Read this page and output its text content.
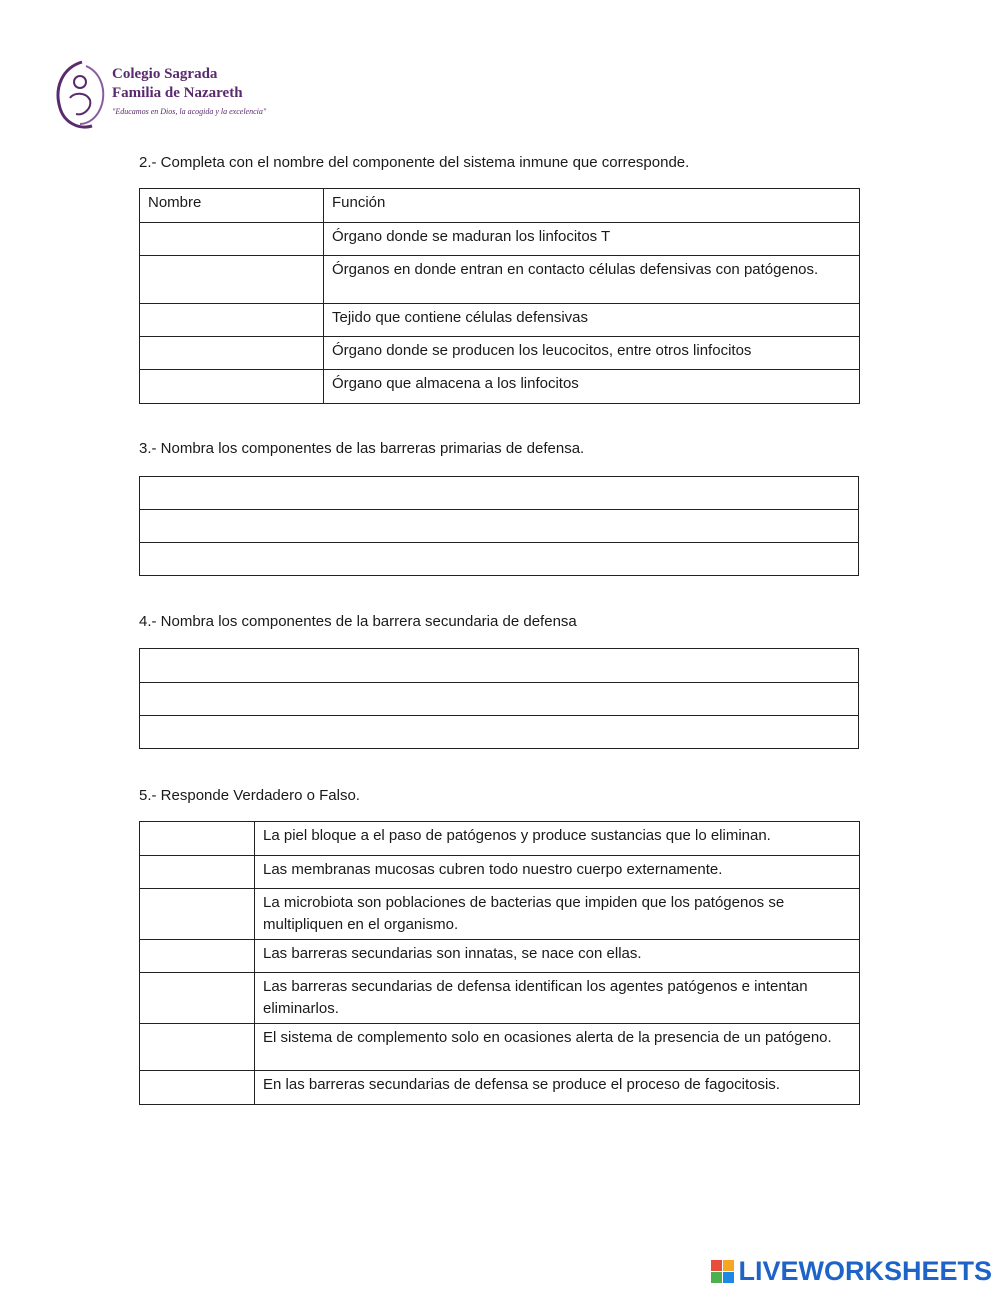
Colegio Sagrada
Familia de Nazareth
"Educamos en Dios, la acogida y la excelencia"
2.- Completa con el nombre del componente del sistema inmune que corresponde.
Nombre	Función
	Órgano donde se maduran los linfocitos T
	Órganos en donde entran en contacto células defensivas con patógenos.
	Tejido que contiene células defensivas
	Órgano donde se producen los leucocitos, entre otros linfocitos
	Órgano que almacena a los linfocitos
3.- Nombra los componentes de las barreras primarias de defensa.

4.- Nombra los componentes de la barrera secundaria de defensa

5.- Responde Verdadero o Falso.
	La piel bloque a el paso de patógenos y produce sustancias que lo eliminan.
	Las membranas mucosas cubren todo nuestro cuerpo externamente.
	La microbiota son poblaciones de bacterias que impiden que los patógenos se multipliquen en el organismo.
	Las barreras secundarias son innatas, se nace con ellas.
	Las barreras secundarias de defensa identifican los agentes patógenos e intentan eliminarlos.
	El sistema de complemento solo en ocasiones alerta de la presencia de un patógeno.
	En las barreras secundarias de defensa se produce el proceso de fagocitosis.
LIVEWORKSHEETS
